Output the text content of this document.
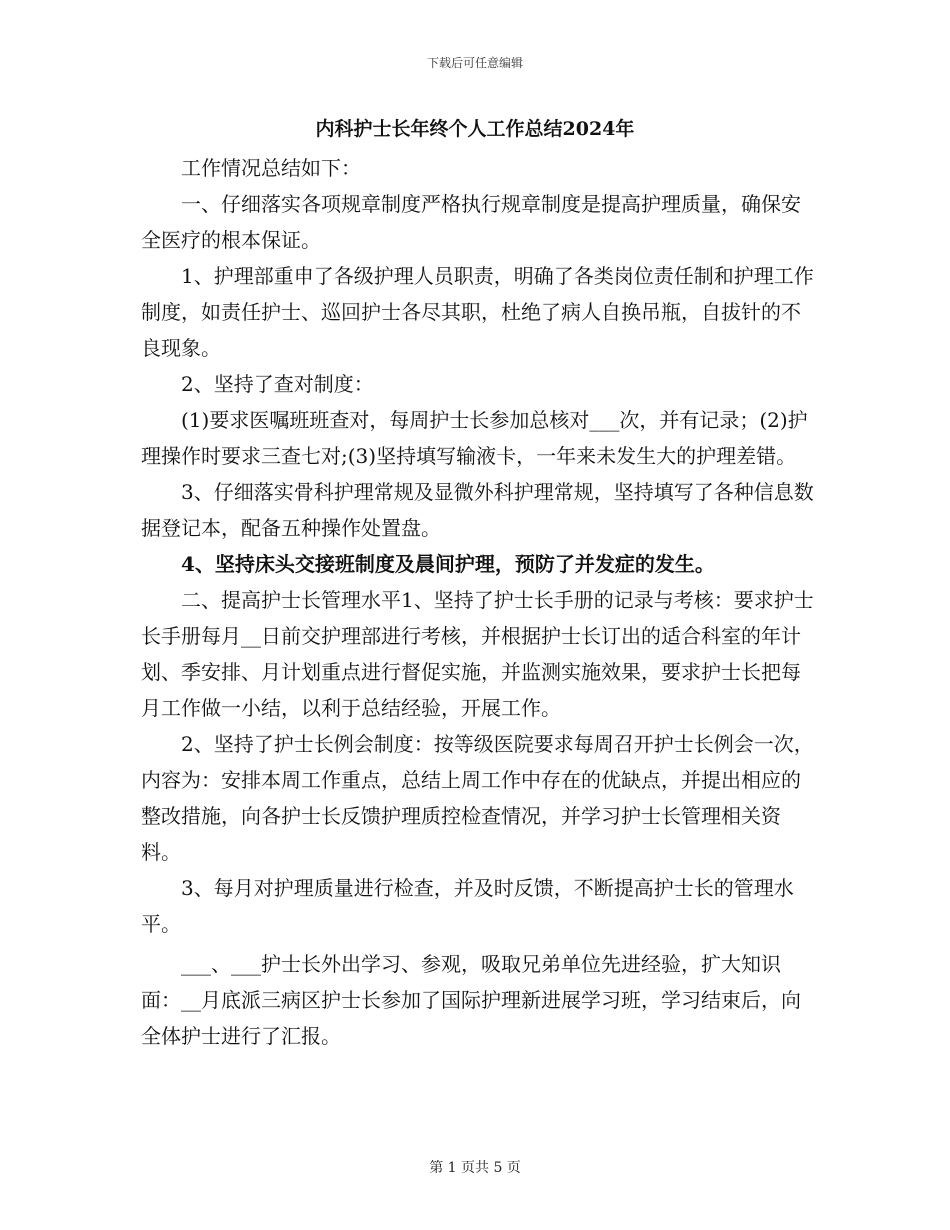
下载后可任意编辑
内科护士长年终个人工作总结2024年

工作情况总结如下：

一、仔细落实各项规章制度严格执行规章制度是提高护理质量，确保安全医疗的根本保证。

1、护理部重申了各级护理人员职责，明确了各类岗位责任制和护理工作制度，如责任护士、巡回护士各尽其职，杜绝了病人自换吊瓶，自拔针的不良现象。

2、坚持了查对制度：

(1)要求医嘱班班查对，每周护士长参加总核对___次，并有记录；(2)护理操作时要求三查七对;(3)坚持填写输液卡，一年来未发生大的护理差错。

3、仔细落实骨科护理常规及显微外科护理常规，坚持填写了各种信息数据登记本，配备五种操作处置盘。

4、坚持床头交接班制度及晨间护理，预防了并发症的发生。

二、提高护士长管理水平1、坚持了护士长手册的记录与考核：要求护士长手册每月__日前交护理部进行考核，并根据护士长订出的适合科室的年计划、季安排、月计划重点进行督促实施，并监测实施效果，要求护士长把每月工作做一小结，以利于总结经验，开展工作。

2、坚持了护士长例会制度：按等级医院要求每周召开护士长例会一次，内容为：安排本周工作重点，总结上周工作中存在的优缺点，并提出相应的整改措施，向各护士长反馈护理质控检查情况，并学习护士长管理相关资料。

3、每月对护理质量进行检查，并及时反馈，不断提高护士长的管理水平。

___、___护士长外出学习、参观，吸取兄弟单位先进经验，扩大知识面：__月底派三病区护士长参加了国际护理新进展学习班，学习结束后，向全体护士进行了汇报。

第 1 页共 5 页
